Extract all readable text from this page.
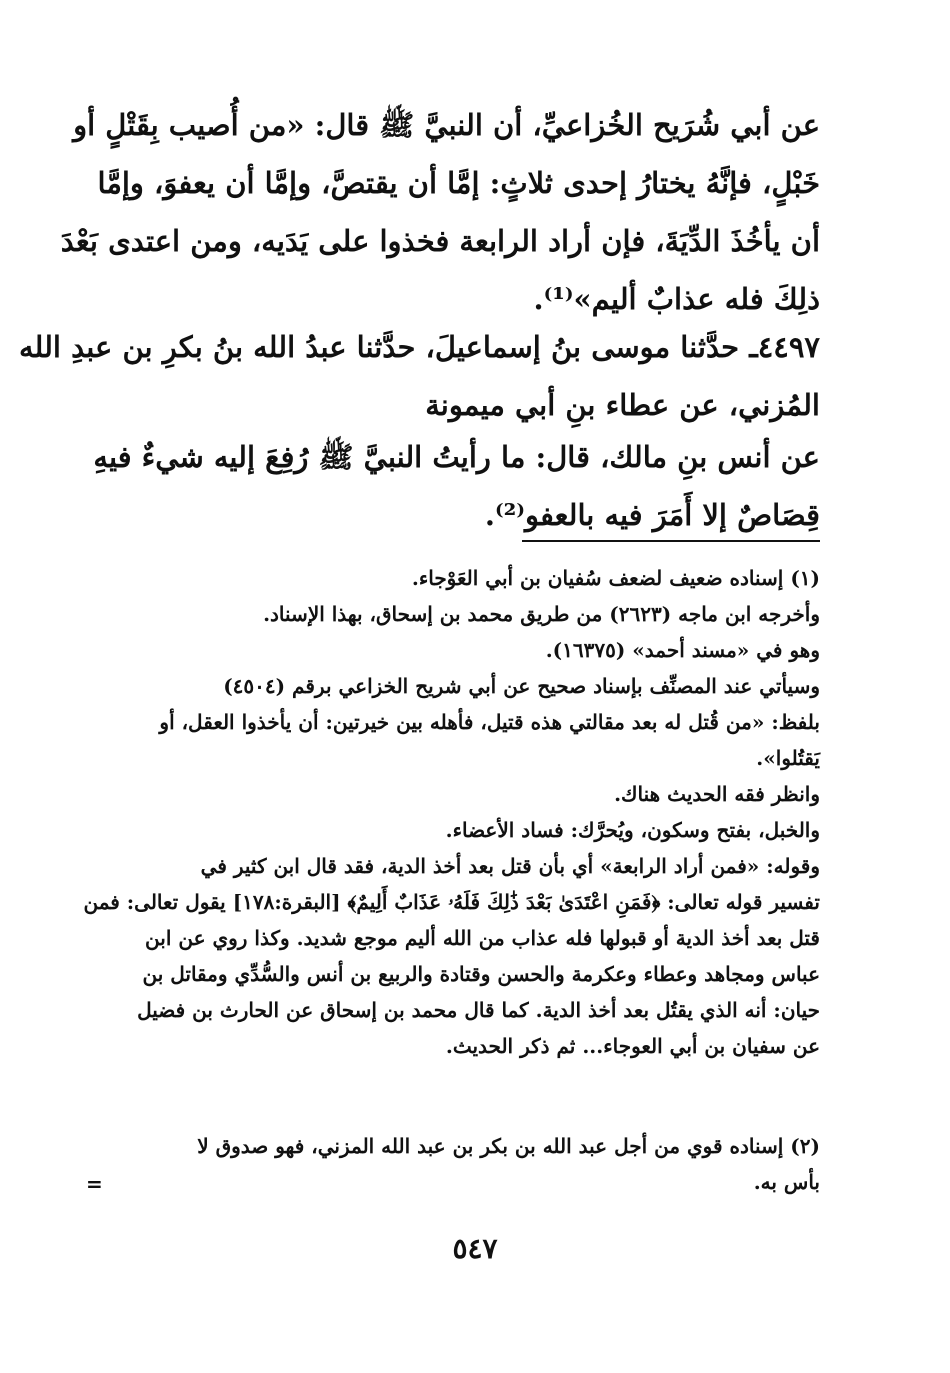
عن أبي شُرَيح الخُزاعيِّ، أن النبيَّ ﷺ قال: «من أُصيب بِقَتْلٍ أو
خَبْلٍ، فإنَّهُ يختارُ إحدى ثلاثٍ: إمَّا أن يقتصَّ، وإمَّا أن يعفوَ، وإمَّا
أن يأخُذَ الدِّيَةَ، فإن أراد الرابعة فخذوا على يَدَيه، ومن اعتدى بَعْدَ
ذلِكَ فله عذابٌ أليم»⁽¹⁾.
٤٤٩٧ـ حدَّثنا موسى بنُ إسماعيلَ، حدَّثنا عبدُ الله بنُ بكرِ بن عبدِ الله
المُزني، عن عطاء بنِ أبي ميمونة
عن أنس بنِ مالك، قال: ما رأيتُ النبيَّ ﷺ رُفِعَ إليه شيءٌ فيهِ
قِصَاصٌ إلا أَمَرَ فيه بالعفو⁽²⁾.
(١) إسناده ضعيف لضعف سُفيان بن أبي العَوْجاء.
وأخرجه ابن ماجه (٢٦٢٣) من طريق محمد بن إسحاق، بهذا الإسناد.
وهو في «مسند أحمد» (١٦٣٧٥).
وسيأتي عند المصنِّف بإسناد صحيح عن أبي شريح الخزاعي برقم (٤٥٠٤)
بلفظ: «من قُتل له بعد مقالتي هذه قتيل، فأهله بين خيرتين: أن يأخذوا العقل، أو
يَقتُلوا».
وانظر فقه الحديث هناك.
والخبل، بفتح وسكون، ويُحرَّك: فساد الأعضاء.
وقوله: «فمن أراد الرابعة» أي بأن قتل بعد أخذ الدية، فقد قال ابن كثير في
تفسير قوله تعالى: ﴿فَمَنِ اعْتَدَىٰ بَعْدَ ذَٰلِكَ فَلَهُۥ عَذَابٌ أَلِيمٌ﴾ [البقرة:١٧٨] يقول تعالى: فمن
قتل بعد أخذ الدية أو قبولها فله عذاب من الله أليم موجع شديد. وكذا روي عن ابن
عباس ومجاهد وعطاء وعكرمة والحسن وقتادة والربيع بن أنس والسُّدِّي ومقاتل بن
حيان: أنه الذي يقتُل بعد أخذ الدية. كما قال محمد بن إسحاق عن الحارث بن فضيل
عن سفيان بن أبي العوجاء... ثم ذكر الحديث.
(٢) إسناده قوي من أجل عبد الله بن بكر بن عبد الله المزني، فهو صدوق لا
بأس به.
=
٥٤٧
